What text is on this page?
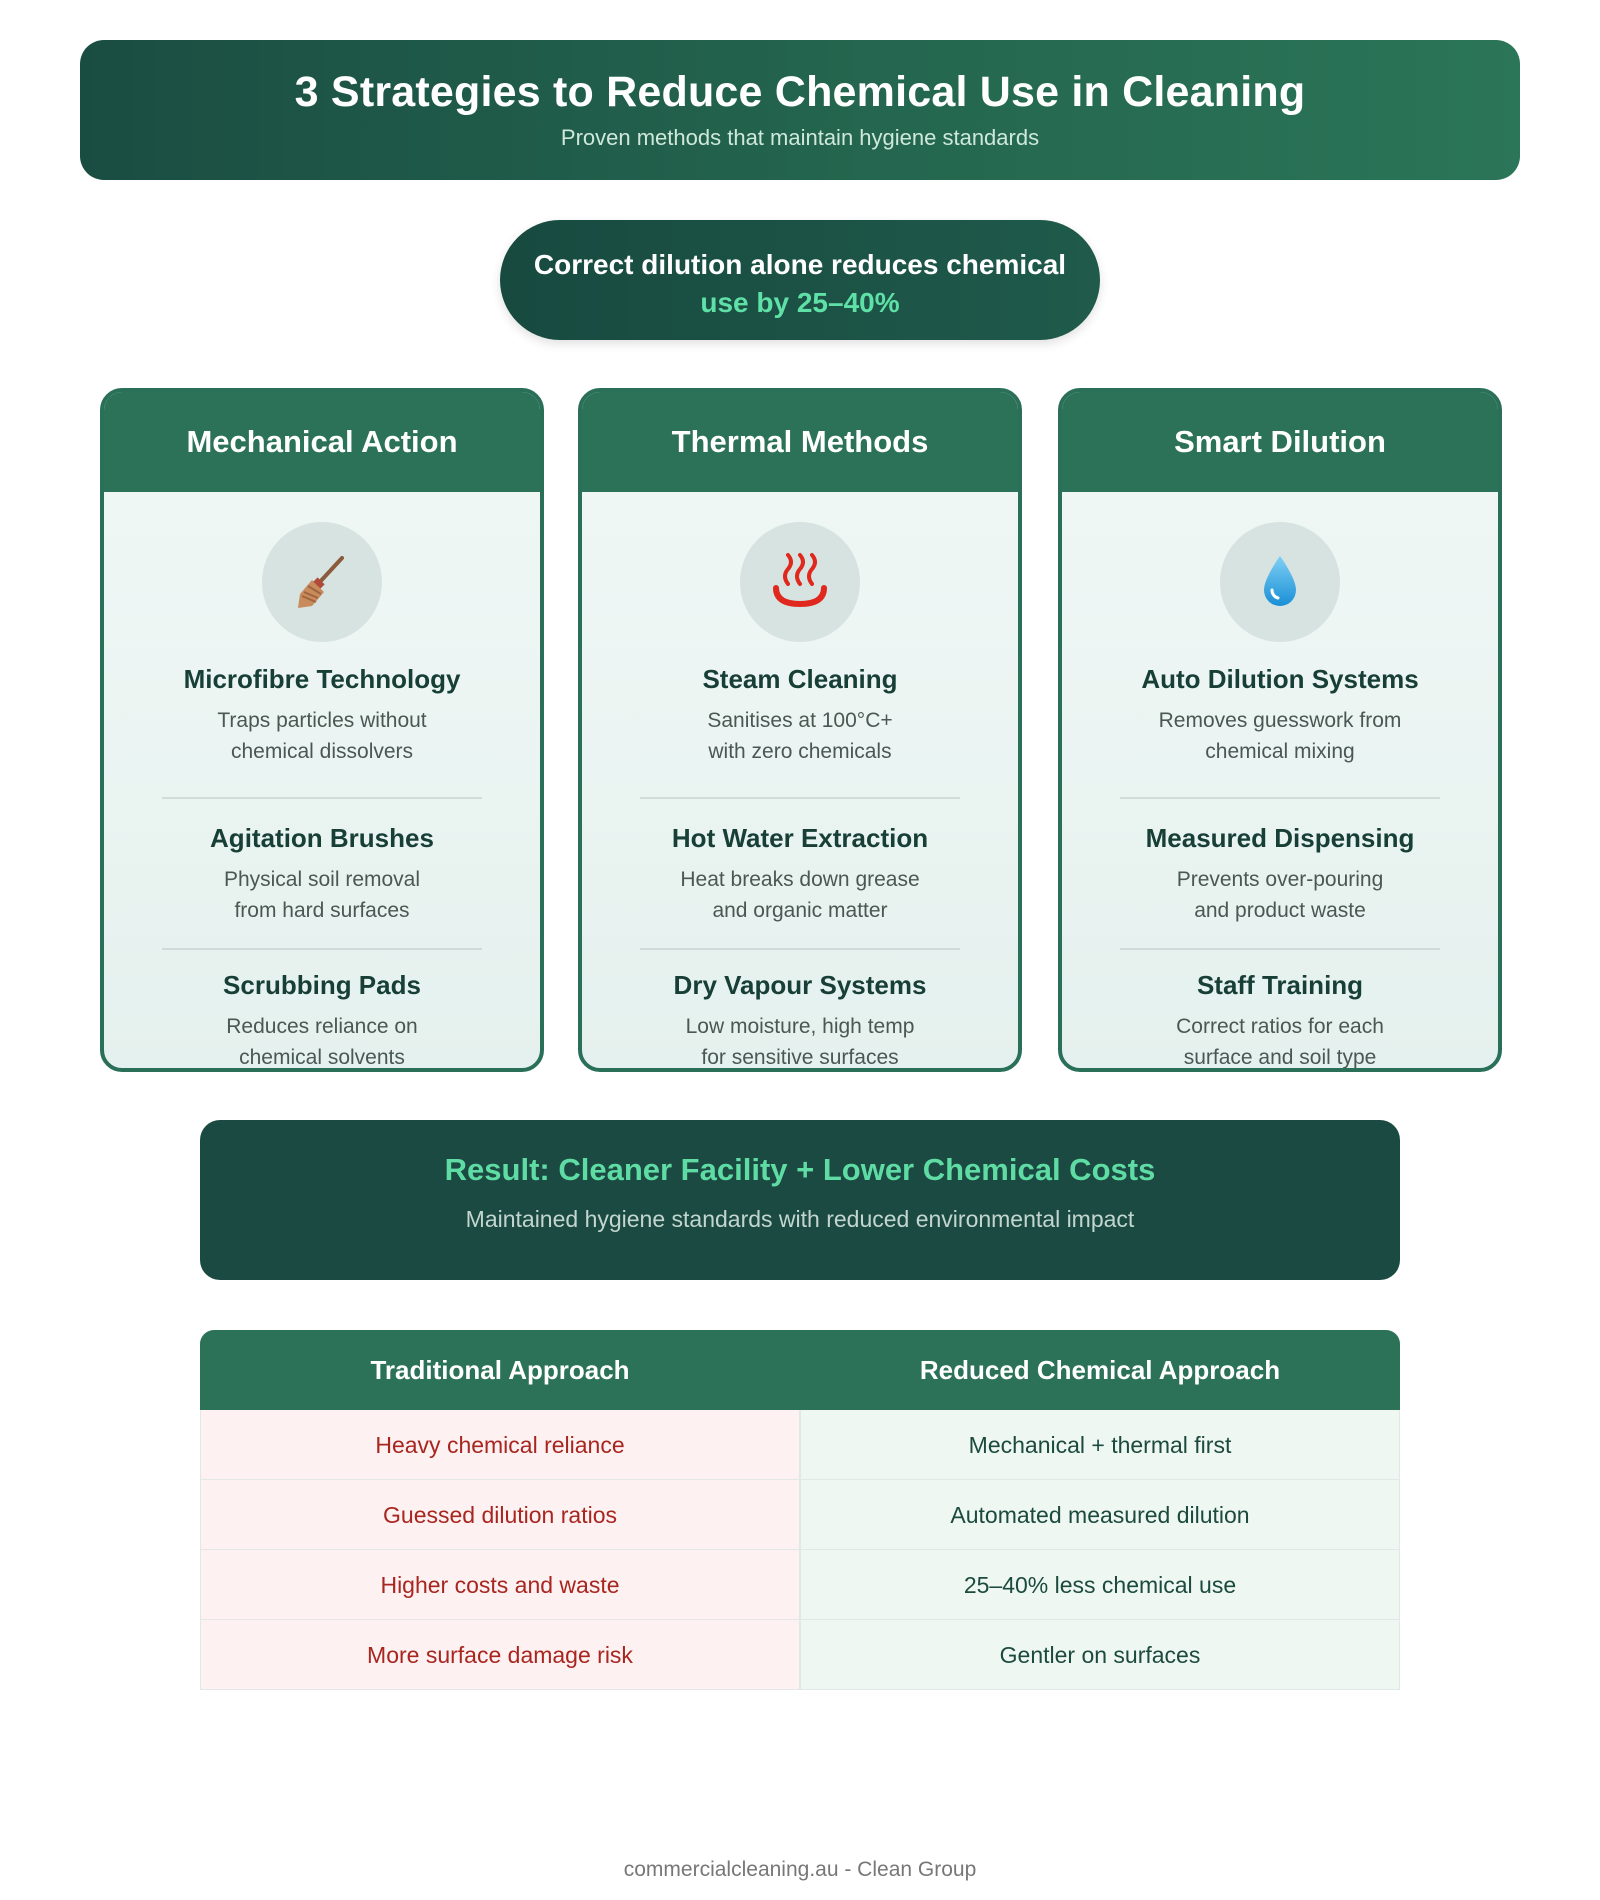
3 Strategies to Reduce Chemical Use in Cleaning

Proven methods that maintain hygiene standards

Correct dilution alone reduces chemical
use by 25–40%
Mechanical Action
Microfibre Technology

Traps particles without
chemical dissolvers

Agitation Brushes

Physical soil removal
from hard surfaces

Scrubbing Pads

Reduces reliance on
chemical solvents

Thermal Methods
Steam Cleaning

Sanitises at 100°C+
with zero chemicals

Hot Water Extraction

Heat breaks down grease
and organic matter

Dry Vapour Systems

Low moisture, high temp
for sensitive surfaces

Smart Dilution
Auto Dilution Systems

Removes guesswork from
chemical mixing

Measured Dispensing

Prevents over-pouring
and product waste

Staff Training

Correct ratios for each
surface and soil type

Result: Cleaner Facility + Lower Chemical Costs

Maintained hygiene standards with reduced environmental impact

Traditional Approach	Reduced Chemical Approach
Heavy chemical reliance	Mechanical + thermal first
Guessed dilution ratios	Automated measured dilution
Higher costs and waste	25–40% less chemical use
More surface damage risk	Gentler on surfaces
commercialcleaning.au - Clean Group
